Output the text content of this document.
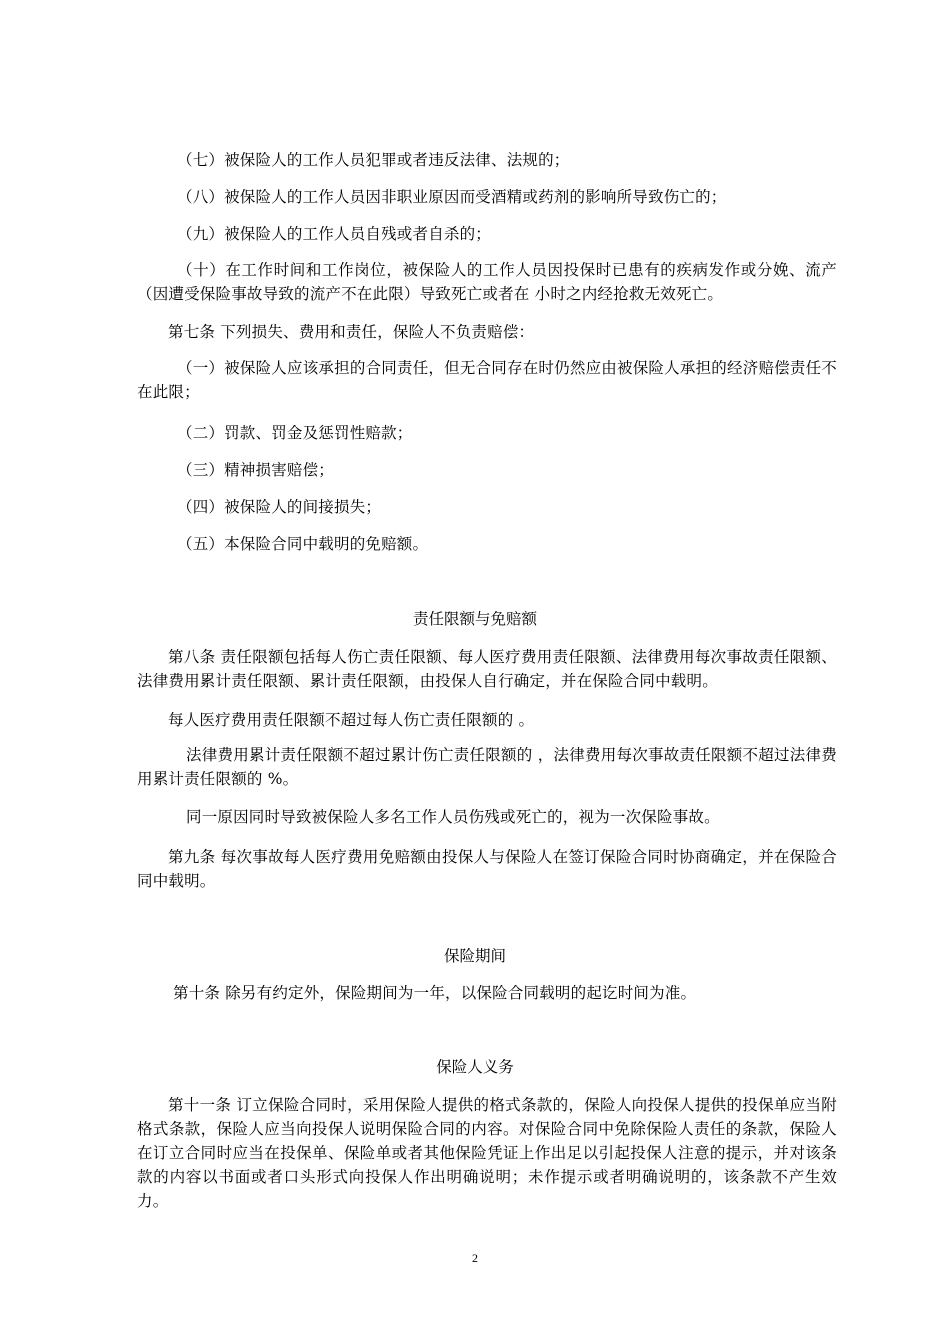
（七）被保险人的工作人员犯罪或者违反法律、法规的；
（八）被保险人的工作人员因非职业原因而受酒精或药剂的影响所导致伤亡的；
（九）被保险人的工作人员自残或者自杀的；
（十）在工作时间和工作岗位，被保险人的工作人员因投保时已患有的疾病发作或分娩、流产（因遭受保险事故导致的流产不在此限）导致死亡或者在 小时之内经抢救无效死亡。
第七条 下列损失、费用和责任，保险人不负责赔偿：
（一）被保险人应该承担的合同责任，但无合同存在时仍然应由被保险人承担的经济赔偿责任不在此限；
（二）罚款、罚金及惩罚性赔款；
（三）精神损害赔偿；
（四）被保险人的间接损失；
（五）本保险合同中载明的免赔额。
责任限额与免赔额
第八条 责任限额包括每人伤亡责任限额、每人医疗费用责任限额、法律费用每次事故责任限额、法律费用累计责任限额、累计责任限额，由投保人自行确定，并在保险合同中载明。
每人医疗费用责任限额不超过每人伤亡责任限额的 。
法律费用累计责任限额不超过累计伤亡责任限额的 ，法律费用每次事故责任限额不超过法律费用累计责任限额的 %。
同一原因同时导致被保险人多名工作人员伤残或死亡的，视为一次保险事故。
第九条 每次事故每人医疗费用免赔额由投保人与保险人在签订保险合同时协商确定，并在保险合同中载明。
保险期间
第十条 除另有约定外，保险期间为一年，以保险合同载明的起讫时间为准。
保险人义务
第十一条 订立保险合同时，采用保险人提供的格式条款的，保险人向投保人提供的投保单应当附格式条款，保险人应当向投保人说明保险合同的内容。对保险合同中免除保险人责任的条款，保险人在订立合同时应当在投保单、保险单或者其他保险凭证上作出足以引起投保人注意的提示，并对该条款的内容以书面或者口头形式向投保人作出明确说明；未作提示或者明确说明的，该条款不产生效力。
2
